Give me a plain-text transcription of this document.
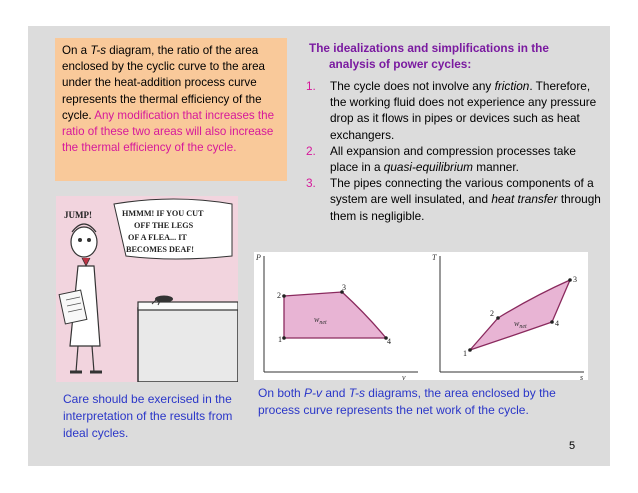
On a T-s diagram, the ratio of the area enclosed by the cyclic curve to the area under the heat-addition process curve represents the thermal efficiency of the cycle. Any modification that increases the ratio of these two areas will also increase the thermal efficiency of the cycle.
The idealizations and simplifications in the
analysis of power cycles:
1. The cycle does not involve any friction. Therefore, the working fluid does not experience any pressure drop as it flows in pipes or devices such as heat exchangers.
2. All expansion and compression processes take place in a quasi-equilibrium manner.
3. The pipes connecting the various components of a system are well insulated, and heat transfer through them is negligible.
JUMP!	HMMM! IF YOU CUT
OFF THE LEGS
OF A FLEA... IT
BECOMES DEAF!
P
v
1
2
3
4
$w_{net}$
T
s
1
2
3
4
$w_{net}$
Care should be exercised in the interpretation of the results from ideal cycles.
On both P-v and T-s diagrams, the area enclosed by the process curve represents the net work of the cycle.
5
